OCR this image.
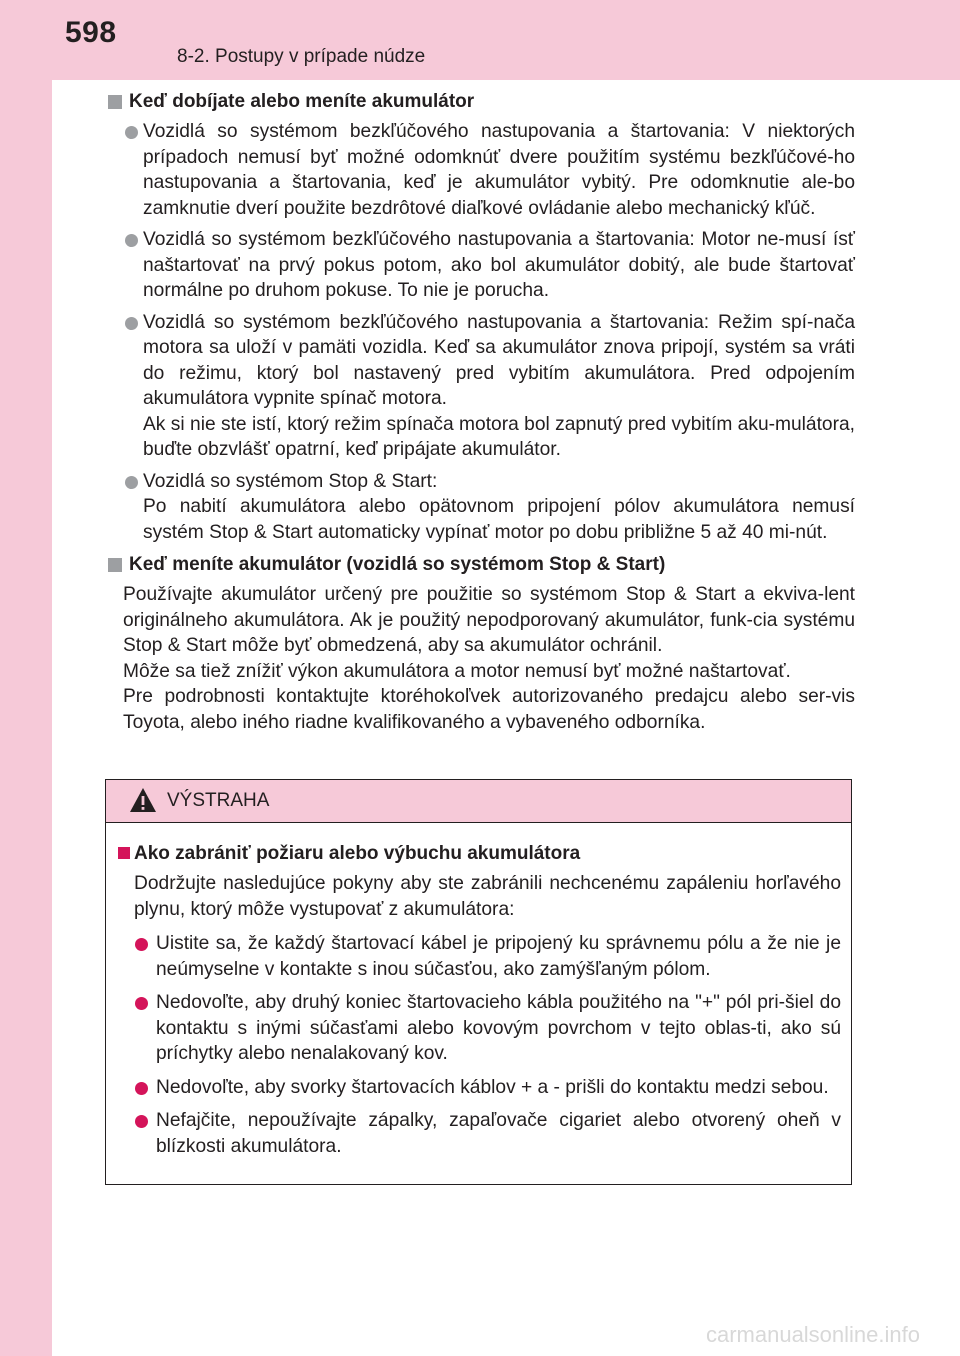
598
8-2. Postupy v prípade núdze
Keď dobíjate alebo meníte akumulátor
Vozidlá so systémom bezkľúčového nastupovania a štartovania: V niektorých prípadoch nemusí byť možné odomknúť dvere použitím systému bezkľúčové-ho nastupovania a štartovania, keď je akumulátor vybitý. Pre odomknutie ale-bo zamknutie dverí použite bezdrôtové diaľkové ovládanie alebo mechanický kľúč.
Vozidlá so systémom bezkľúčového nastupovania a štartovania: Motor ne-musí ísť naštartovať na prvý pokus potom, ako bol akumulátor dobitý, ale bude štartovať normálne po druhom pokuse. To nie je porucha.
Vozidlá so systémom bezkľúčového nastupovania a štartovania: Režim spí-nača motora sa uloží v pamäti vozidla. Keď sa akumulátor znova pripojí, systém sa vráti do režimu, ktorý bol nastavený pred vybitím akumulátora. Pred odpojením akumulátora vypnite spínač motora.
Ak si nie ste istí, ktorý režim spínača motora bol zapnutý pred vybitím aku-mulátora, buďte obzvlášť opatrní, keď pripájate akumulátor.
Vozidlá so systémom Stop & Start:
Po nabití akumulátora alebo opätovnom pripojení pólov akumulátora nemusí systém Stop & Start automaticky vypínať motor po dobu približne 5 až 40 mi-nút.
Keď meníte akumulátor (vozidlá so systémom Stop & Start)
Používajte akumulátor určený pre použitie so systémom Stop & Start a ekviva-lent originálneho akumulátora. Ak je použitý nepodporovaný akumulátor, funk-cia systému Stop & Start môže byť obmedzená, aby sa akumulátor ochránil.
Môže sa tiež znížiť výkon akumulátora a motor nemusí byť možné naštartovať.
Pre podrobnosti kontaktujte ktoréhokoľvek autorizovaného predajcu alebo ser-vis Toyota, alebo iného riadne kvalifikovaného a vybaveného odborníka.
VÝSTRAHA
Ako zabrániť požiaru alebo výbuchu akumulátora
Dodržujte nasledujúce pokyny aby ste zabránili nechcenému zapáleniu horľavého plynu, ktorý môže vystupovať z akumulátora:
Uistite sa, že každý štartovací kábel je pripojený ku správnemu pólu a že nie je neúmyselne v kontakte s inou súčasťou, ako zamýšľaným pólom.
Nedovoľte, aby druhý koniec štartovacieho kábla použitého na "+" pól pri-šiel do kontaktu s inými súčasťami alebo kovovým povrchom v tejto oblas-ti, ako sú príchytky alebo nenalakovaný kov.
Nedovoľte, aby svorky štartovacích káblov + a - prišli do kontaktu medzi sebou.
Nefajčite, nepoužívajte zápalky, zapaľovače cigariet alebo otvorený oheň v blízkosti akumulátora.
carmanualsonline.info
